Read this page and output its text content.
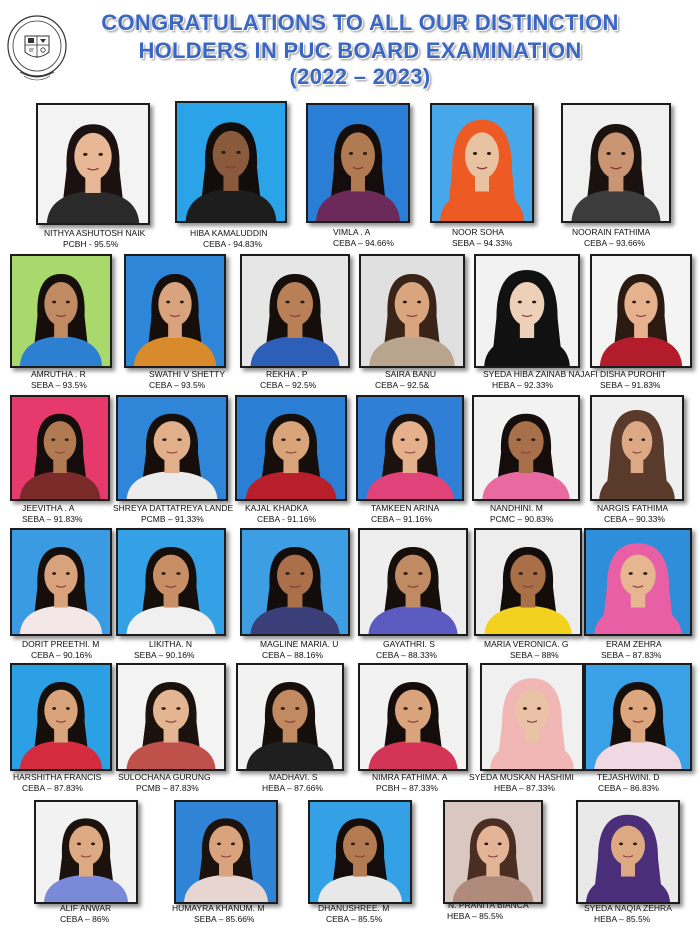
CONGRATULATIONS TO ALL OUR DISTINCTION
HOLDERS IN PUC BOARD EXAMINATION
(2022 – 2023)
NITHYA ASHUTOSH NAIK
PCBH - 95.5%
HIBA KAMALUDDIN
CEBA - 94.83%
VIMLA . A
CEBA – 94.66%
NOOR SOHA
SEBA – 94.33%
NOORAIN FATHIMA
CEBA – 93.66%
AMRUTHA . R
SEBA – 93.5%
SWATHI V SHETTY
CEBA – 93.5%
REKHA . P
CEBA – 92.5%
SAIRA BANU
CEBA – 92.5&
SYEDA HIBA ZAINAB NAJAFI
HEBA – 92.33%
DISHA PUROHIT
SEBA – 91.83%
JEEVITHA . A
SEBA – 91.83%
SHREYA DATTATREYA LANDE
PCMB – 91.33%
KAJAL KHADKA
CEBA - 91.16%
TAMKEEN ARINA
CEBA – 91.16%
NANDHINI. M
PCMC – 90.83%
NARGIS FATHIMA
CEBA – 90.33%
DORIT PREETHI. M
CEBA – 90.16%
LIKITHA. N
SEBA – 90.16%
MAGLINE MARIA. U
CEBA – 88.16%
GAYATHRI. S
CEBA – 88.33%
MARIA VERONICA. G
SEBA – 88%
ERAM ZEHRA
SEBA – 87.83%
HARSHITHA FRANCIS
CEBA – 87.83%
SULOCHANA GURUNG
PCMB – 87.83%
MADHAVI. S
HEBA – 87.66%
NIMRA FATHIMA. A
PCBH – 87.33%
SYEDA MUSKAN HASHIMI
HEBA – 87.33%
TEJASHWINI. D
CEBA – 86.83%
ALIF ANWAR
CEBA – 86%
HUMAYRA KHANUM. M
SEBA – 85.66%
DHANUSHREE. M
CEBA – 85.5%
N. PRANITA BIANCA
HEBA – 85.5%
SYEDA NAQIA ZEHRA
HEBA – 85.5%
